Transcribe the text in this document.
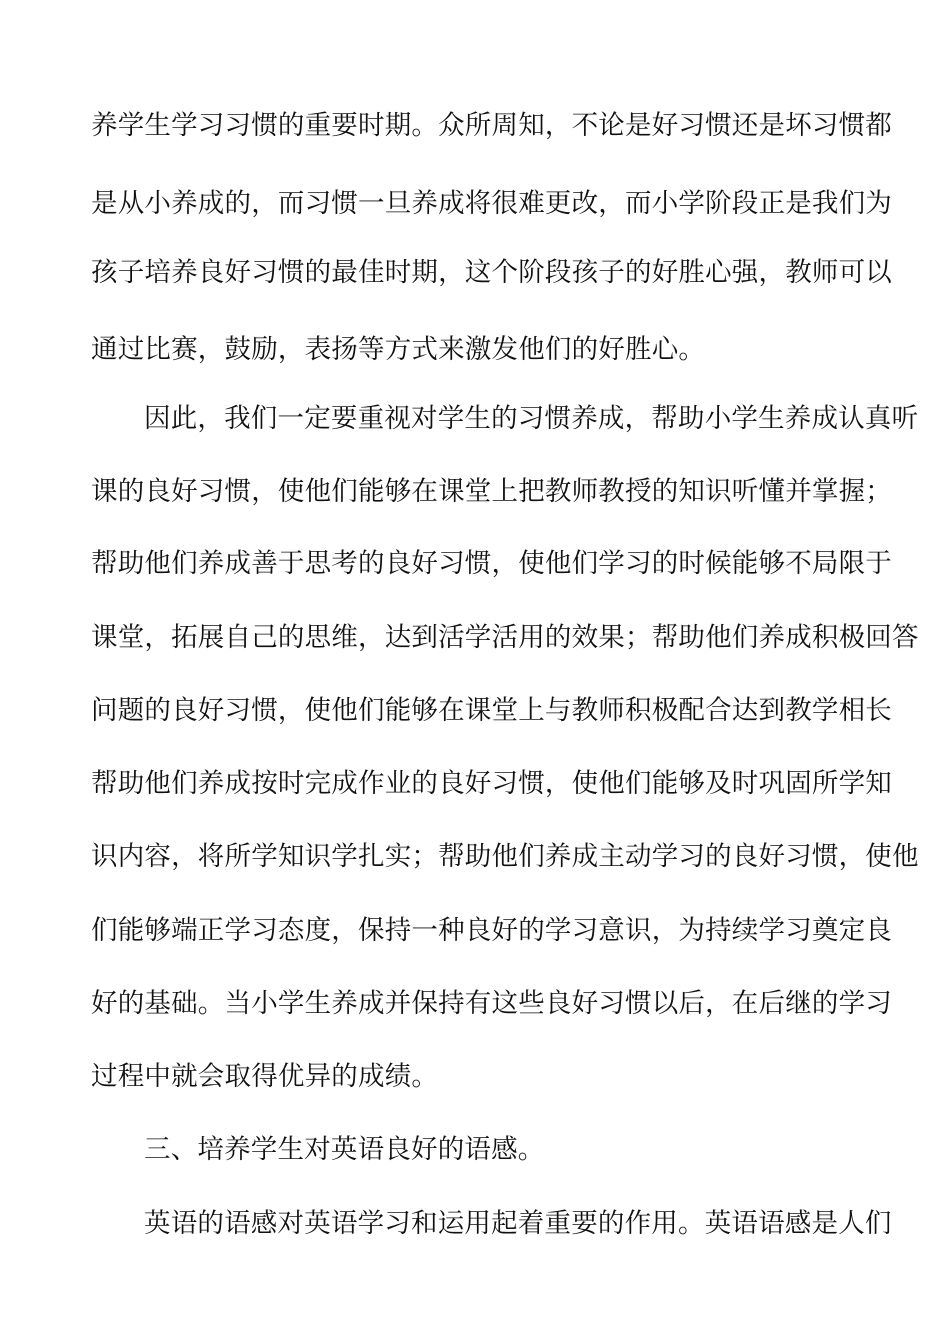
养学生学习习惯的重要时期。众所周知，不论是好习惯还是坏习惯都
是从小养成的，而习惯一旦养成将很难更改，而小学阶段正是我们为
孩子培养良好习惯的最佳时期，这个阶段孩子的好胜心强，教师可以
通过比赛，鼓励，表扬等方式来激发他们的好胜心。
因此，我们一定要重视对学生的习惯养成，帮助小学生养成认真听
课的良好习惯，使他们能够在课堂上把教师教授的知识听懂并掌握；
帮助他们养成善于思考的良好习惯，使他们学习的时候能够不局限于
课堂，拓展自己的思维，达到活学活用的效果；帮助他们养成积极回答
问题的良好习惯，使他们能够在课堂上与教师积极配合达到教学相长
帮助他们养成按时完成作业的良好习惯，使他们能够及时巩固所学知
识内容，将所学知识学扎实；帮助他们养成主动学习的良好习惯，使他
们能够端正学习态度，保持一种良好的学习意识，为持续学习奠定良
好的基础。当小学生养成并保持有这些良好习惯以后，在后继的学习
过程中就会取得优异的成绩。
三、培养学生对英语良好的语感。
英语的语感对英语学习和运用起着重要的作用。英语语感是人们
